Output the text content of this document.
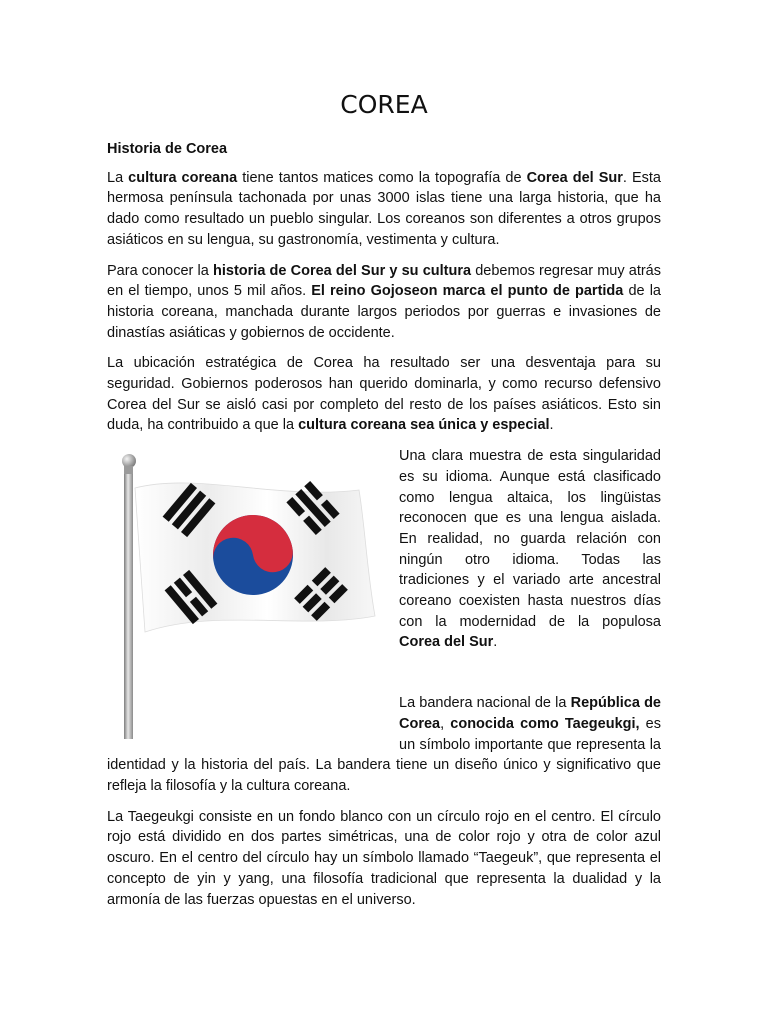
COREA

Historia de Corea

La cultura coreana tiene tantos matices como la topografía de Corea del Sur. Esta hermosa península tachonada por unas 3000 islas tiene una larga historia, que ha dado como resultado un pueblo singular. Los coreanos son diferentes a otros grupos asiáticos en su lengua, su gastronomía, vestimenta y cultura.

Para conocer la historia de Corea del Sur y su cultura debemos regresar muy atrás en el tiempo, unos 5 mil años. El reino Gojoseon marca el punto de partida de la historia coreana, manchada durante largos periodos por guerras e invasiones de dinastías asiáticas y gobiernos de occidente.

La ubicación estratégica de Corea ha resultado ser una desventaja para su seguridad. Gobiernos poderosos han querido dominarla, y como recurso defensivo Corea del Sur se aisló casi por completo del resto de los países asiáticos. Esto sin duda, ha contribuido a que la cultura coreana sea única y especial.

Una clara muestra de esta singularidad es su idioma. Aunque está clasificado como lengua altaica, los lingüistas reconocen que es una lengua aislada. En realidad, no guarda relación con ningún otro idioma. Todas las tradiciones y el variado arte ancestral coreano coexisten hasta nuestros días con la modernidad de la populosa Corea del Sur.

La bandera nacional de la República de Corea, conocida como Taegeukgi, es un símbolo importante que representa la identidad y la historia del país. La bandera tiene un diseño único y significativo que refleja la filosofía y la cultura coreana.

La Taegeukgi consiste en un fondo blanco con un círculo rojo en el centro. El círculo rojo está dividido en dos partes simétricas, una de color rojo y otra de color azul oscuro. En el centro del círculo hay un símbolo llamado “Taegeuk”, que representa el concepto de yin y yang, una filosofía tradicional que representa la dualidad y la armonía de las fuerzas opuestas en el universo.
